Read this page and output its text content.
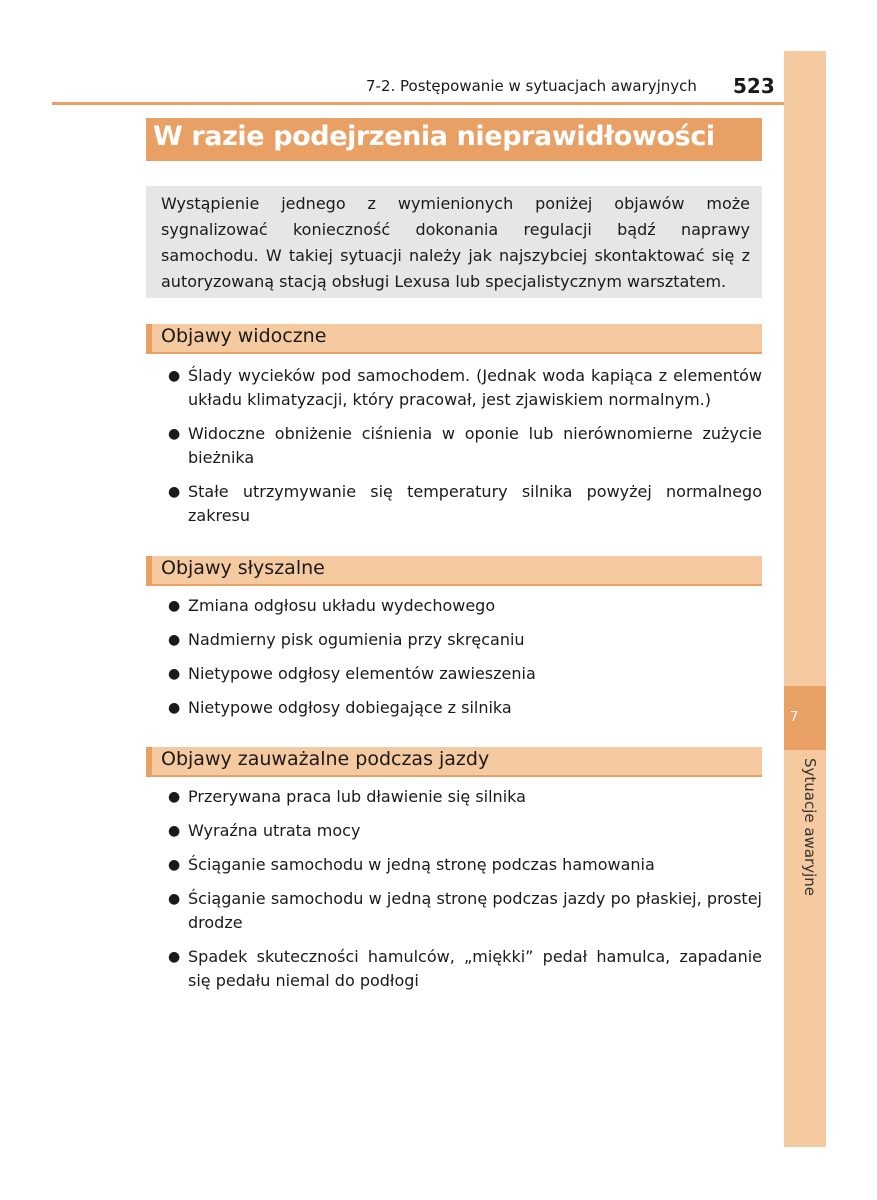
7
Sytuacje awaryjne
7-2. Postępowanie w sytuacjach awaryjnych 523
W razie podejrzenia nieprawidłowości

Wystąpienie jednego z wymienionych poniżej objawów może sygnalizować konieczność dokonania regulacji bądź naprawy samochodu. W takiej sytuacji należy jak najszybciej skontaktować się z autoryzowaną stacją obsługi Lexusa lub specjalistycznym warsztatem.

Objawy widoczne
● Ślady wycieków pod samochodem. (Jednak woda kapiąca z elementów układu klimatyzacji, który pracował, jest zjawiskiem normalnym.)
● Widoczne obniżenie ciśnienia w oponie lub nierównomierne zużycie bieżnika
● Stałe utrzymywanie się temperatury silnika powyżej normalnego zakresu
Objawy słyszalne
● Zmiana odgłosu układu wydechowego
● Nadmierny pisk ogumienia przy skręcaniu
● Nietypowe odgłosy elementów zawieszenia
● Nietypowe odgłosy dobiegające z silnika
Objawy zauważalne podczas jazdy
● Przerywana praca lub dławienie się silnika
● Wyraźna utrata mocy
● Ściąganie samochodu w jedną stronę podczas hamowania
● Ściąganie samochodu w jedną stronę podczas jazdy po płaskiej, prostej drodze
● Spadek skuteczności hamulców, „miękki” pedał hamulca, zapadanie się pedału niemal do podłogi
